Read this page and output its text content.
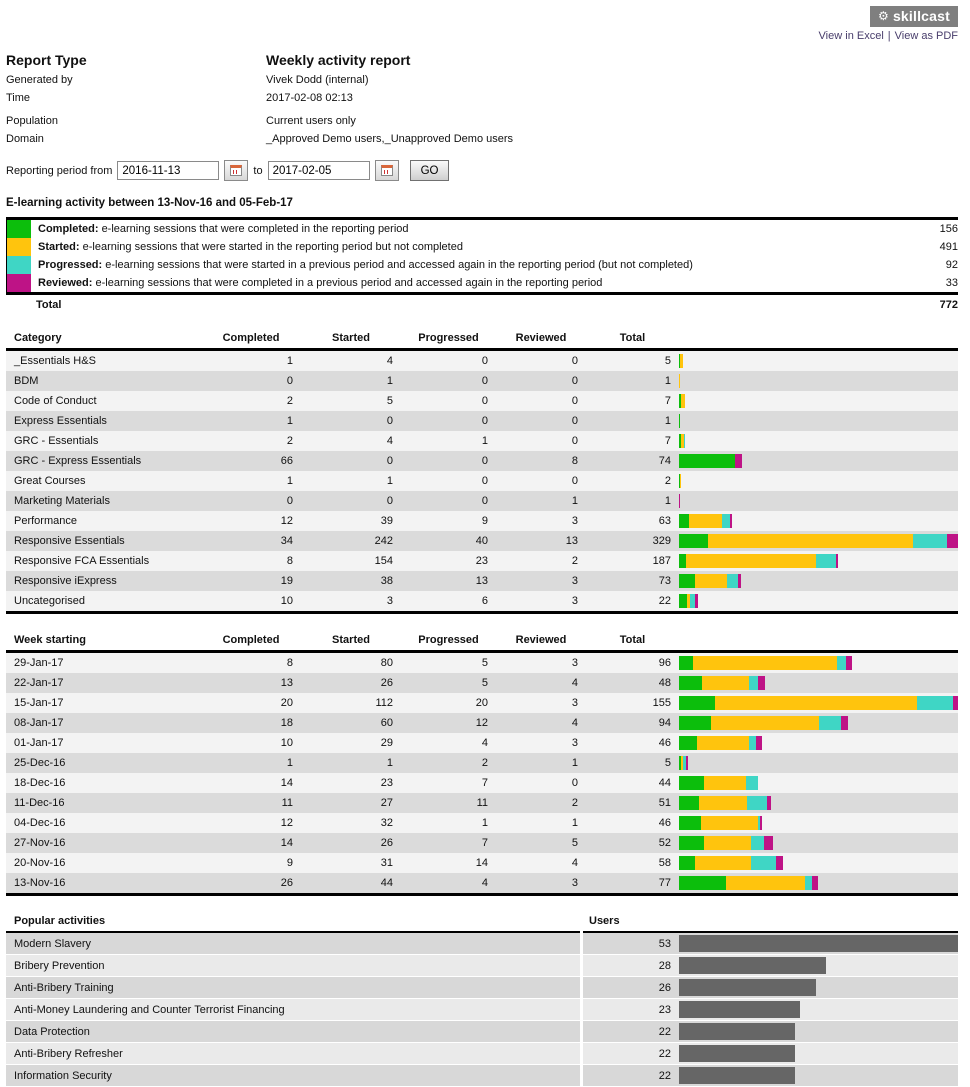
⚙ skillcast
View in Excel | View as PDF
Report Type	Weekly activity report
Generated by	Vivek Dodd (internal)
Time	2017-02-08 02:13
Population	Current users only
Domain	_Approved Demo users,_Unapproved Demo users
Reporting period from
2016-11-13	to
2017-02-05	GO
E-learning activity between 13-Nov-16 and 05-Feb-17
Completed: e-learning sessions that were completed in the reporting period	156
Started: e-learning sessions that were started in the reporting period but not completed	491
Progressed: e-learning sessions that were started in a previous period and accessed again in the reporting period (but not completed)	92
Reviewed: e-learning sessions that were completed in a previous period and accessed again in the reporting period	33
Total	772
Category	Completed	Started	Progressed	Reviewed	Total	
_Essentials H&S	1	4	0	0	5	

BDM	0	1	0	0	1	

Code of Conduct	2	5	0	0	7	

Express Essentials	1	0	0	0	1	

GRC - Essentials	2	4	1	0	7	

GRC - Express Essentials	66	0	0	8	74	

Great Courses	1	1	0	0	2	

Marketing Materials	0	0	0	1	1	

Performance	12	39	9	3	63	

Responsive Essentials	34	242	40	13	329	

Responsive FCA Essentials	8	154	23	2	187	

Responsive iExpress	19	38	13	3	73	

Uncategorised	10	3	6	3	22	
Week starting	Completed	Started	Progressed	Reviewed	Total	
29-Jan-17	8	80	5	3	96	

22-Jan-17	13	26	5	4	48	

15-Jan-17	20	112	20	3	155	

08-Jan-17	18	60	12	4	94	

01-Jan-17	10	29	4	3	46	

25-Dec-16	1	1	2	1	5	

18-Dec-16	14	23	7	0	44	

11-Dec-16	11	27	11	2	51	

04-Dec-16	12	32	1	1	46	

27-Nov-16	14	26	7	5	52	

20-Nov-16	9	31	14	4	58	

13-Nov-16	26	44	4	3	77	
Popular activities	Users	
Modern Slavery	53	

Bribery Prevention	28	

Anti-Bribery Training	26	

Anti-Money Laundering and Counter Terrorist Financing	23	

Data Protection	22	

Anti-Bribery Refresher	22	

Information Security	22	
